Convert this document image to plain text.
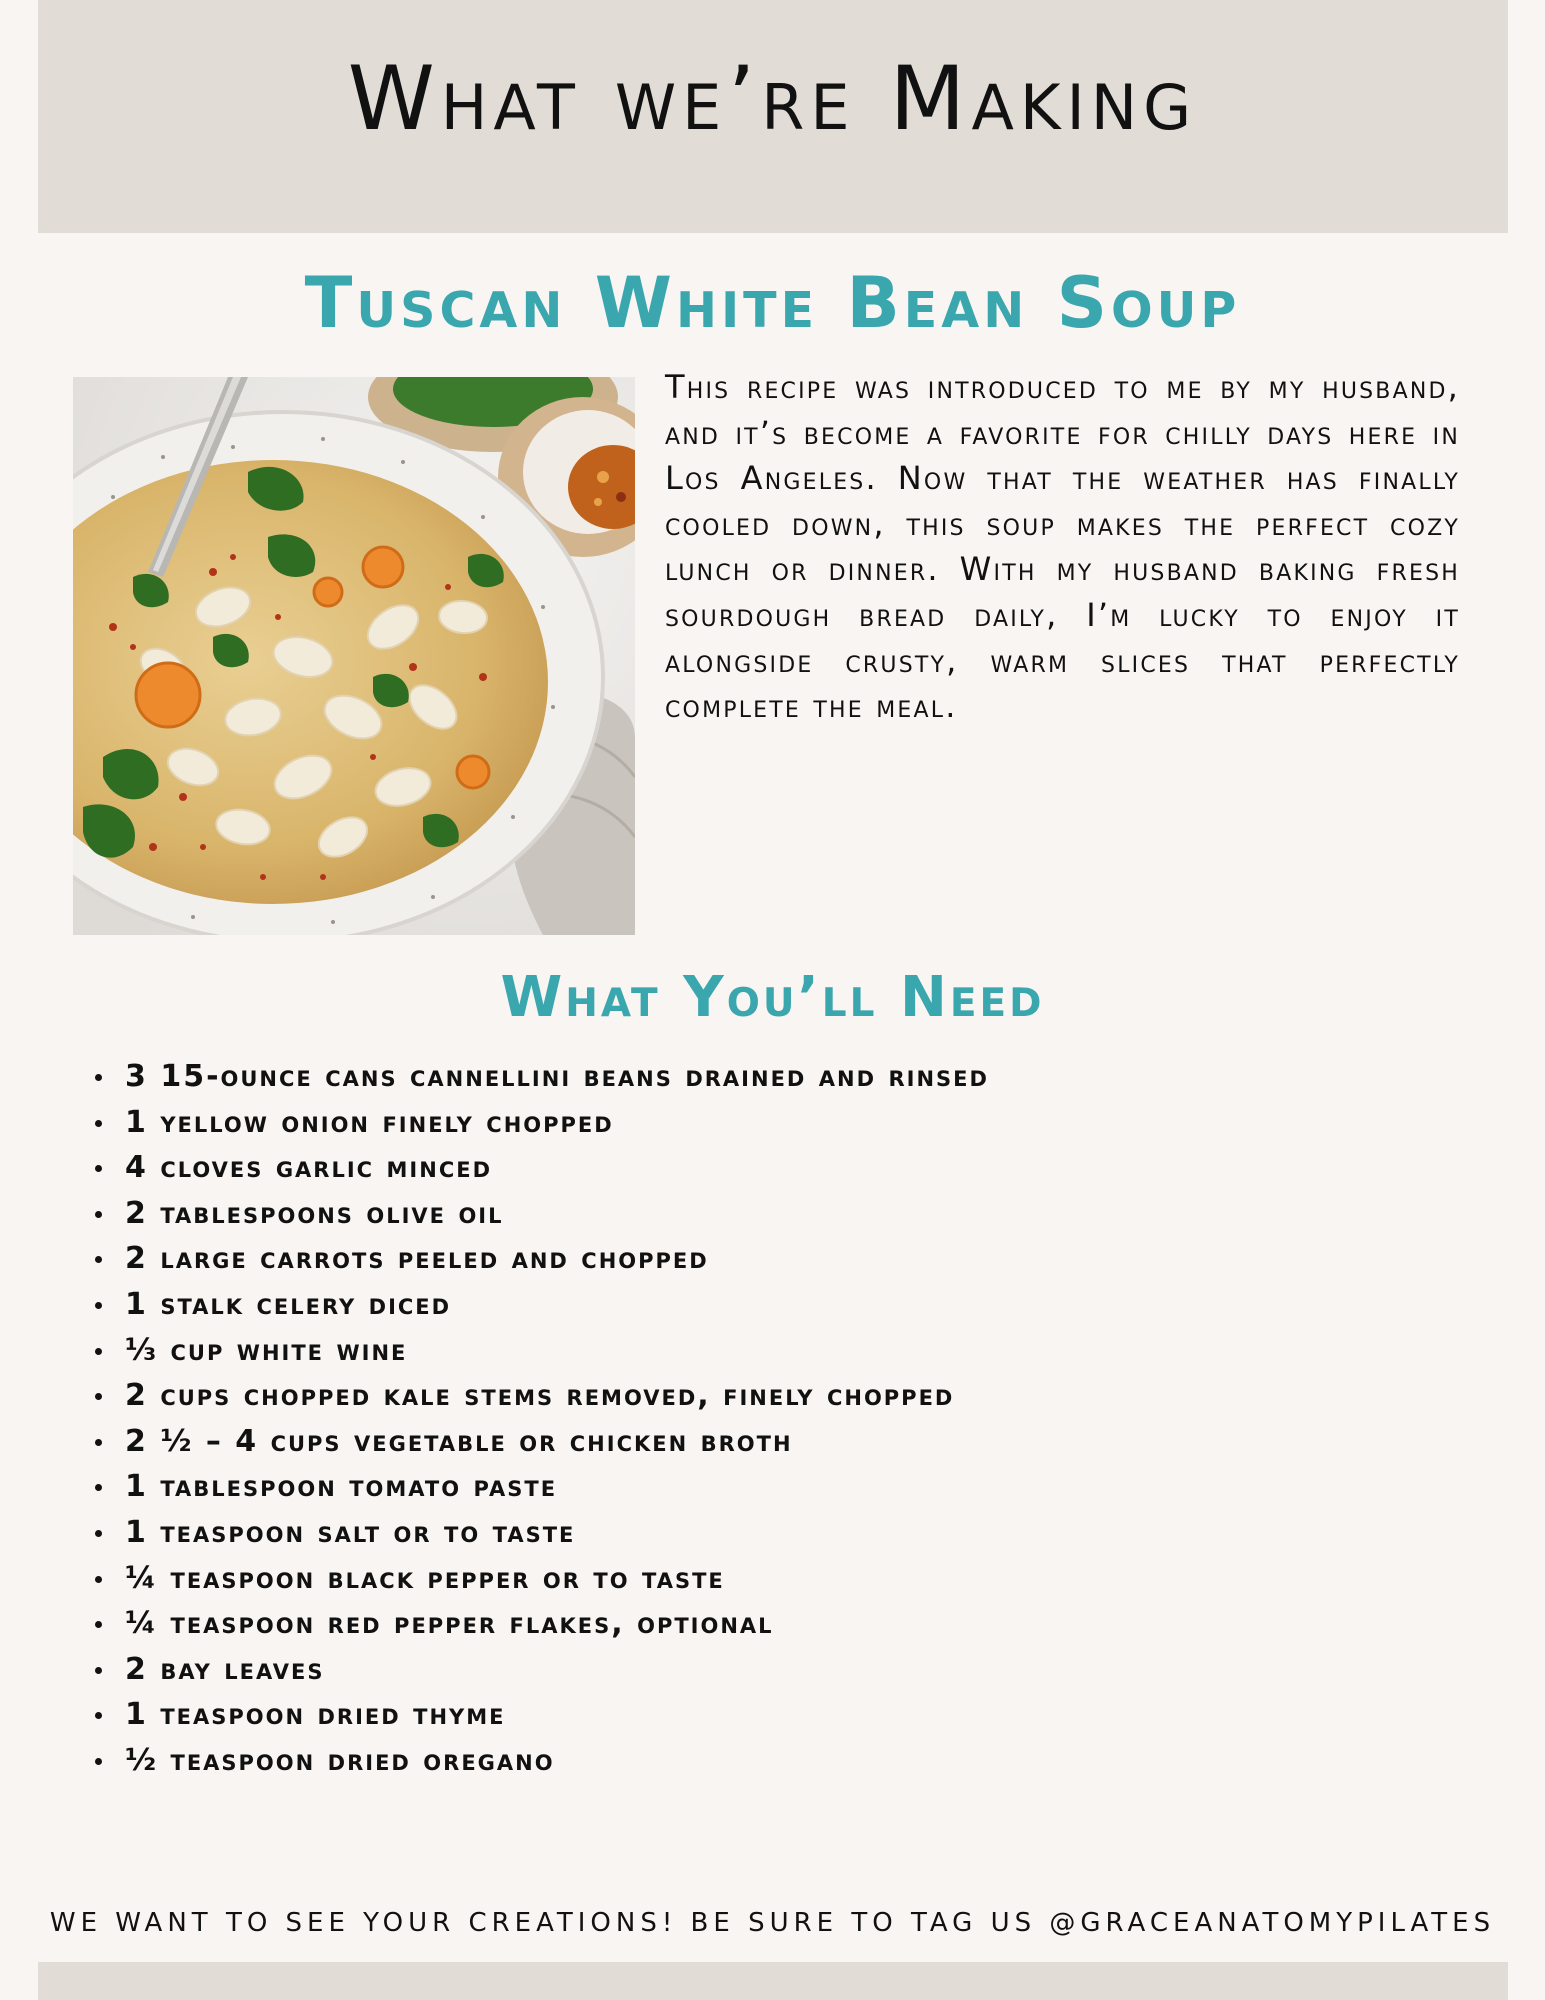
What we’re Making
Tuscan White Bean Soup

This recipe was introduced to me by my husband, and it’s become a favorite for chilly days here in Los Angeles. Now that the weather has finally cooled down, this soup makes the perfect cozy lunch or dinner. With my husband baking fresh sourdough bread daily, I’m lucky to enjoy it alongside crusty, warm slices that perfectly complete the meal.

What You’ll Need
3 15-ounce cans cannellini beans drained and rinsed
1 yellow onion finely chopped
4 cloves garlic minced
2 tablespoons olive oil
2 large carrots peeled and chopped
1 stalk celery diced
⅓ cup white wine
2 cups chopped kale stems removed, finely chopped
2 ½ – 4 cups vegetable or chicken broth
1 tablespoon tomato paste
1 teaspoon salt or to taste
¼ teaspoon black pepper or to taste
¼ teaspoon red pepper flakes, optional
2 bay leaves
1 teaspoon dried thyme
½ teaspoon dried oregano

WE WANT TO SEE YOUR CREATIONS! BE SURE TO TAG US @GRACEANATOMYPILATES
